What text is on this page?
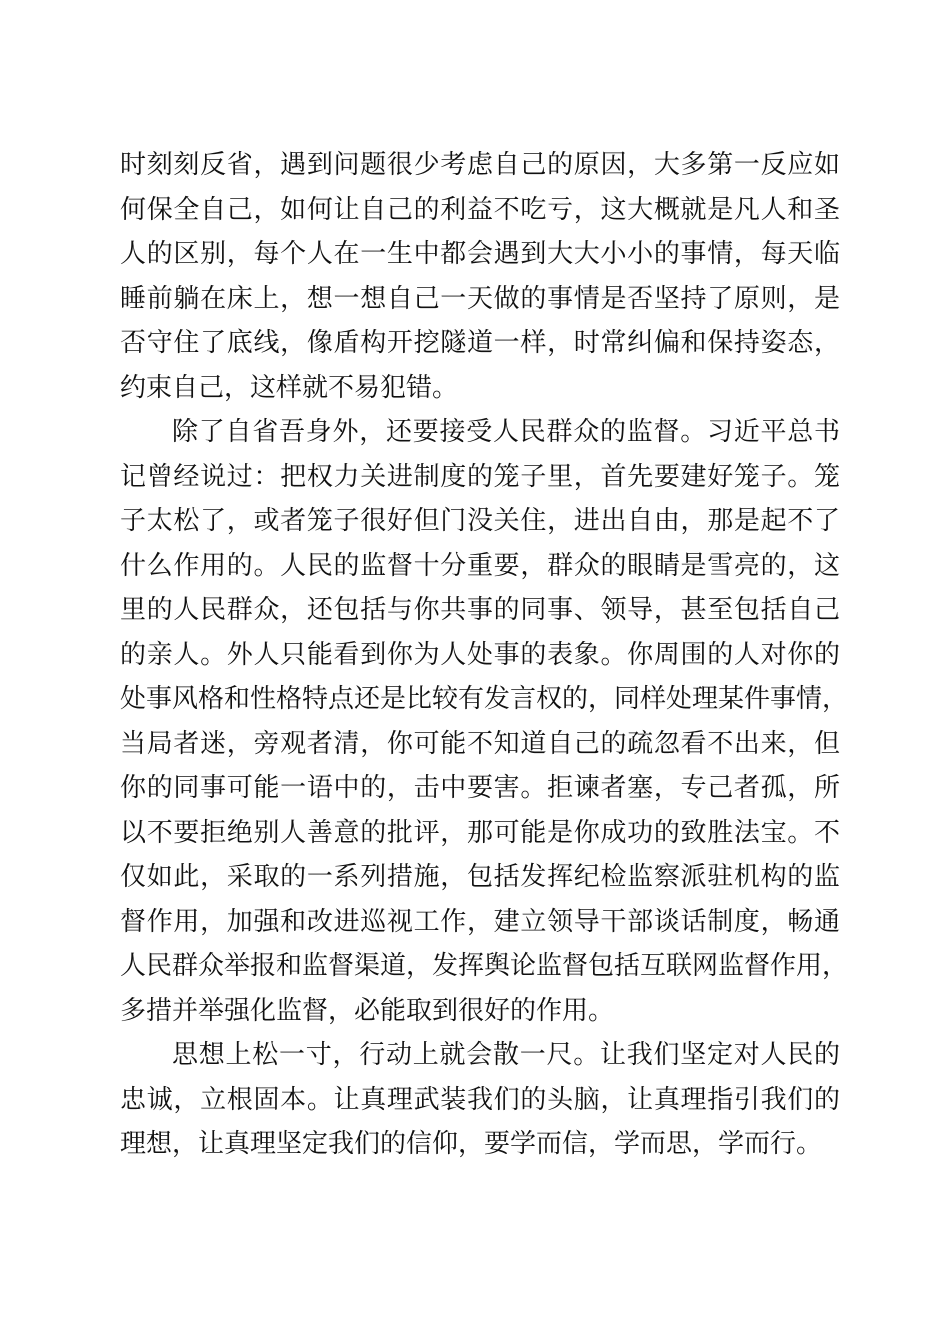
时刻刻反省，遇到问题很少考虑自己的原因，大多第一反应如
何保全自己，如何让自己的利益不吃亏，这大概就是凡人和圣
人的区别，每个人在一生中都会遇到大大小小的事情，每天临
睡前躺在床上，想一想自己一天做的事情是否坚持了原则，是
否守住了底线，像盾构开挖隧道一样，时常纠偏和保持姿态，
约束自己，这样就不易犯错。
除了自省吾身外，还要接受人民群众的监督。习近平总书
记曾经说过：把权力关进制度的笼子里，首先要建好笼子。笼
子太松了，或者笼子很好但门没关住，进出自由，那是起不了
什么作用的。人民的监督十分重要，群众的眼睛是雪亮的，这
里的人民群众，还包括与你共事的同事、领导，甚至包括自己
的亲人。外人只能看到你为人处事的表象。你周围的人对你的
处事风格和性格特点还是比较有发言权的，同样处理某件事情，
当局者迷，旁观者清，你可能不知道自己的疏忽看不出来，但
你的同事可能一语中的，击中要害。拒谏者塞，专己者孤，所
以不要拒绝别人善意的批评，那可能是你成功的致胜法宝。不
仅如此，采取的一系列措施，包括发挥纪检监察派驻机构的监
督作用，加强和改进巡视工作，建立领导干部谈话制度，畅通
人民群众举报和监督渠道，发挥舆论监督包括互联网监督作用，
多措并举强化监督，必能取到很好的作用。
思想上松一寸，行动上就会散一尺。让我们坚定对人民的
忠诚，立根固本。让真理武装我们的头脑，让真理指引我们的
理想，让真理坚定我们的信仰，要学而信，学而思，学而行。
